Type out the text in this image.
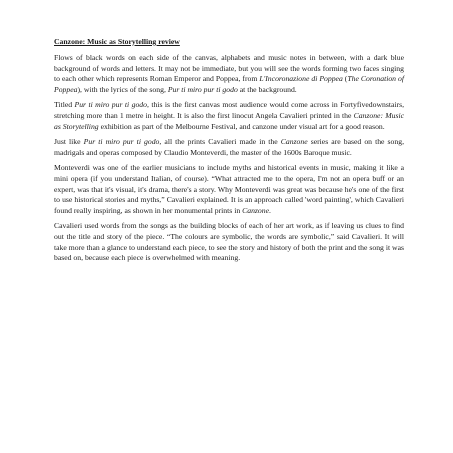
Canzone: Music as Storytelling review

Flows of black words on each side of the canvas, alphabets and music notes in between, with a dark blue background of words and letters. It may not be immediate, but you will see the words forming two faces singing to each other which represents Roman Emperor and Poppea, from L'Incoronazione di Poppea (The Coronation of Poppea), with the lyrics of the song, Pur ti miro pur ti godo at the background.

Titled Pur ti miro pur ti godo, this is the first canvas most audience would come across in Fortyfivedownstairs, stretching more than 1 metre in height. It is also the first linocut Angela Cavalieri printed in the Canzone: Music as Storytelling exhibition as part of the Melbourne Festival, and canzone under visual art for a good reason.

Just like Pur ti miro pur ti godo, all the prints Cavalieri made in the Canzone series are based on the song, madrigals and operas composed by Claudio Monteverdi, the master of the 1600s Baroque music.

Monteverdi was one of the earlier musicians to include myths and historical events in music, making it like a mini opera (if you understand Italian, of course). “What attracted me to the opera, I'm not an opera buff or an expert, was that it's visual, it's drama, there's a story. Why Monteverdi was great was because he's one of the first to use historical stories and myths,” Cavalieri explained. It is an approach called 'word painting', which Cavalieri found really inspiring, as shown in her monumental prints in Canzone.

Cavalieri used words from the songs as the building blocks of each of her art work, as if leaving us clues to find out the title and story of the piece. “The colours are symbolic, the words are symbolic,” said Cavalieri. It will take more than a glance to understand each piece, to see the story and history of both the print and the song it was based on, because each piece is overwhelmed with meaning.
